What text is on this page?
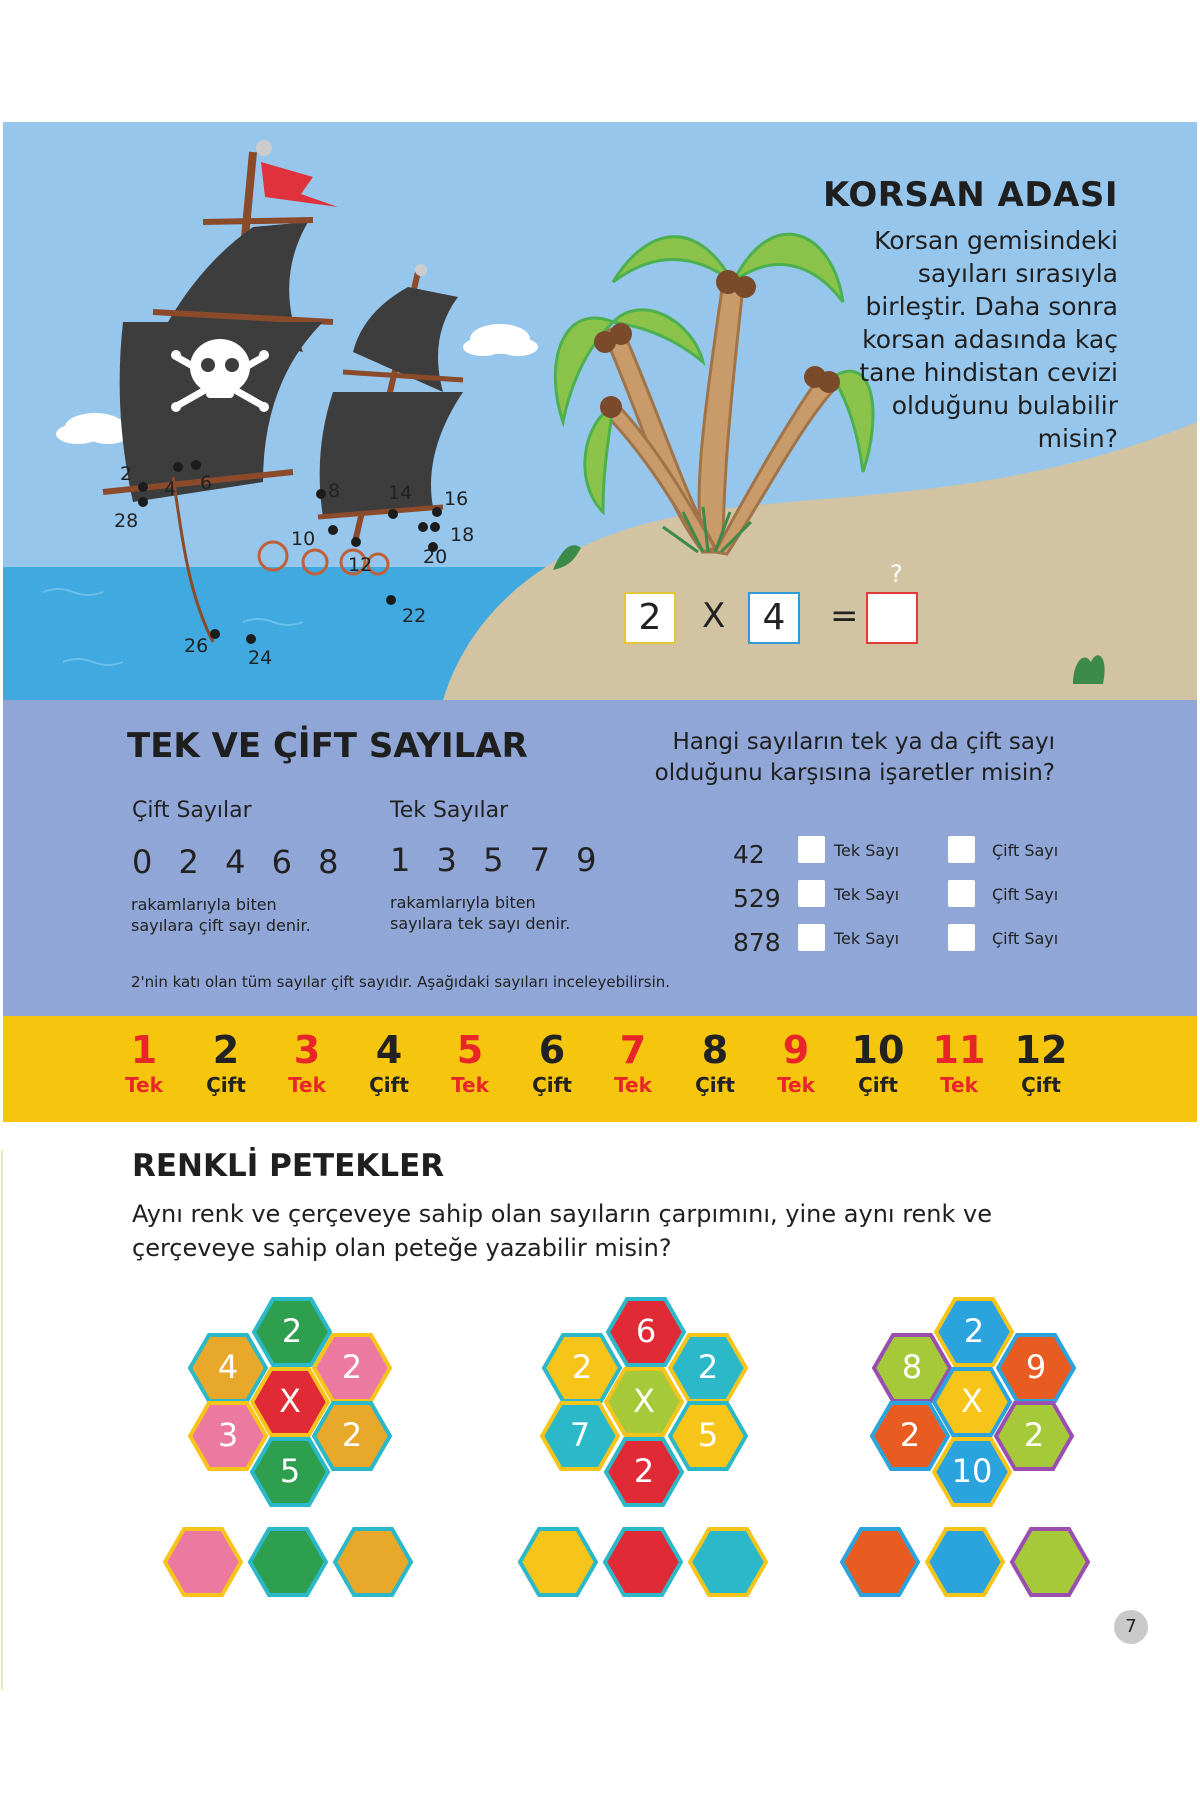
?
KORSAN ADASI
Korsan gemisindeki sayıları sırasıyla birleştir. Daha sonra korsan adasında kaç tane hindistan cevizi olduğunu bulabilir misin?
2
4 6	8
10
12
14 16
18
20
22
24
26
28
2	X	4	=
TEK VE ÇİFT SAYILAR	Hangi sayıların tek ya da çift sayı olduğunu karşısına işaretler misin?
Çift Sayılar
0 2 4 6 8
rakamlarıyla biten sayılara çift sayı denir.
Tek Sayılar
1 3 5 7 9
rakamlarıyla biten sayılara tek sayı denir.
2'nin katı olan tüm sayılar çift sayıdır. Aşağıdaki sayıları inceleyebilirsin.
42	Tek Sayı	Çift Sayı
529	Tek Sayı	Çift Sayı
878	Tek Sayı	Çift Sayı
1
Tek
2
Çift
3
Tek
4
Çift
5
Tek
6
Çift
7
Tek
8
Çift
9
Tek
10
Çift
11
Tek
12
Çift
RENKLİ PETEKLER
Aynı renk ve çerçeveye sahip olan sayıların çarpımını, yine aynı renk ve çerçeveye sahip olan peteğe yazabilir misin?
2
4	2
X
3	2
5
6
2	2
X
7	5
2
2
8	9
X
2	2
10
7
